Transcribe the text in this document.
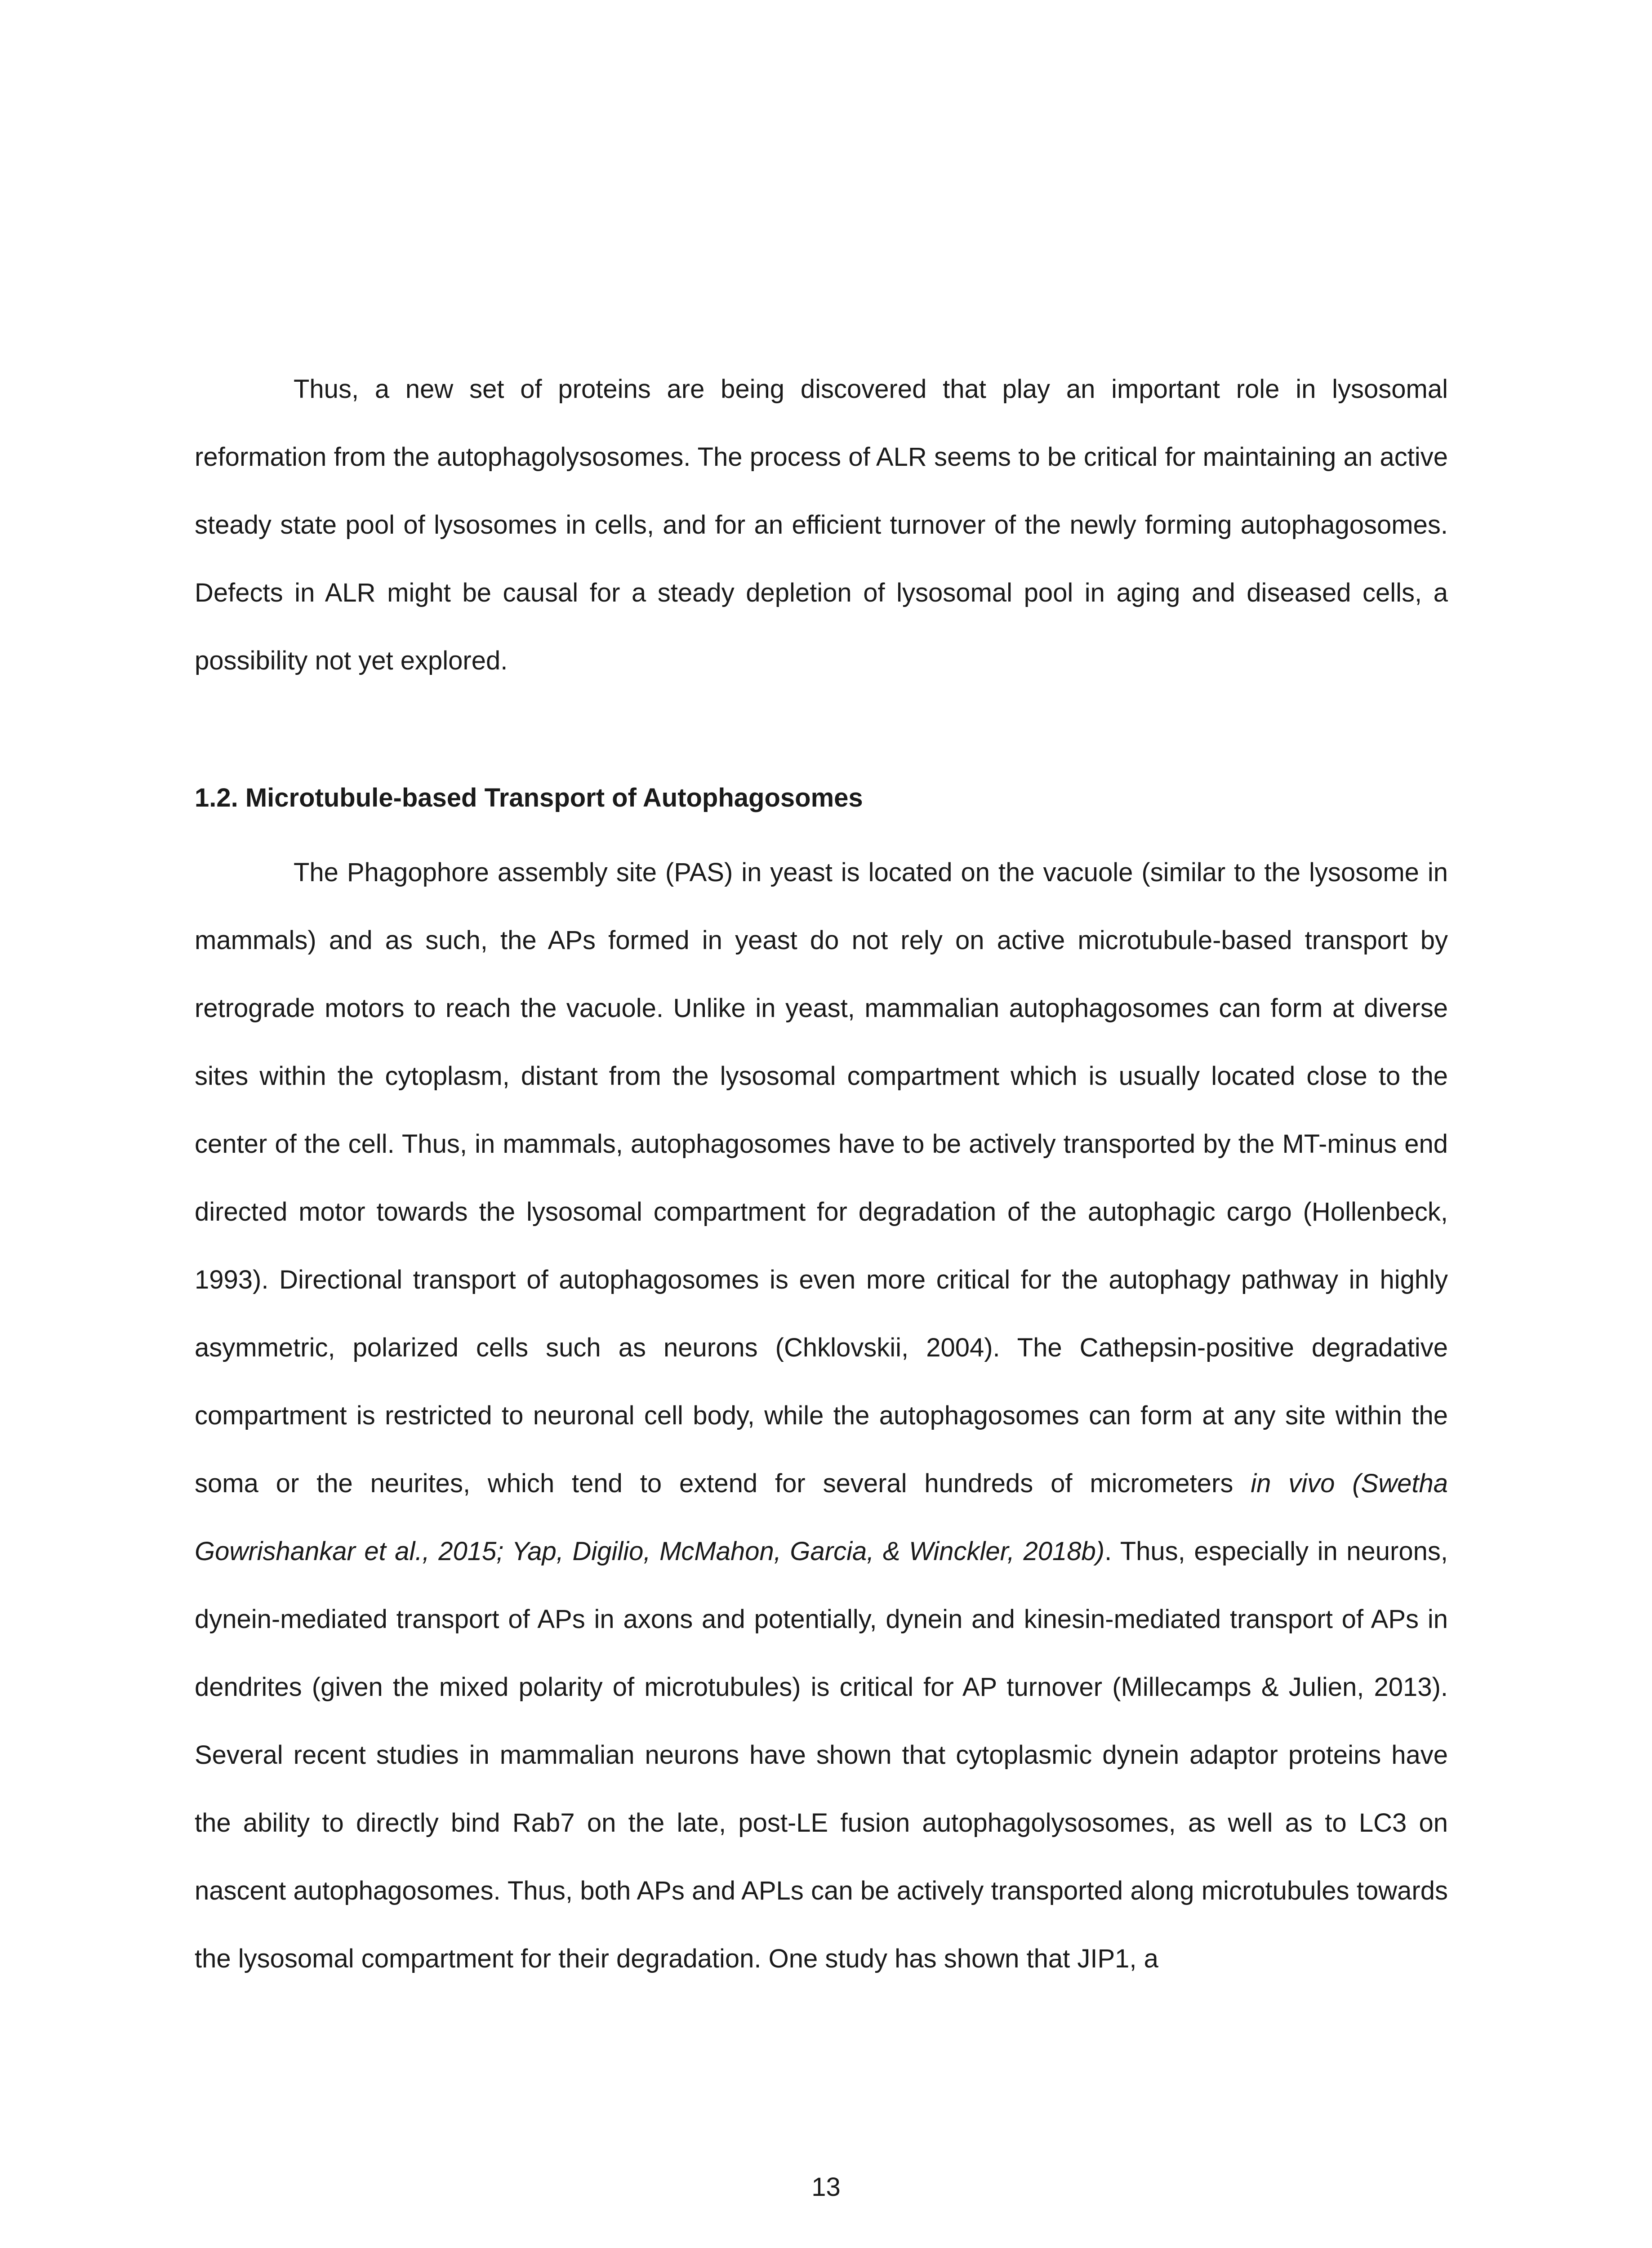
Thus, a new set of proteins are being discovered that play an important role in lysosomal reformation from the autophagolysosomes. The process of ALR seems to be critical for maintaining an active steady state pool of lysosomes in cells, and for an efficient turnover of the newly forming autophagosomes. Defects in ALR might be causal for a steady depletion of lysosomal pool in aging and diseased cells, a possibility not yet explored.

1.2. Microtubule-based Transport of Autophagosomes

The Phagophore assembly site (PAS) in yeast is located on the vacuole (similar to the lysosome in mammals) and as such, the APs formed in yeast do not rely on active microtubule-based transport by retrograde motors to reach the vacuole. Unlike in yeast, mammalian autophagosomes can form at diverse sites within the cytoplasm, distant from the lysosomal compartment which is usually located close to the center of the cell. Thus, in mammals, autophagosomes have to be actively transported by the MT-minus end directed motor towards the lysosomal compartment for degradation of the autophagic cargo (Hollenbeck, 1993). Directional transport of autophagosomes is even more critical for the autophagy pathway in highly asymmetric, polarized cells such as neurons (Chklovskii, 2004). The Cathepsin-positive degradative compartment is restricted to neuronal cell body, while the autophagosomes can form at any site within the soma or the neurites, which tend to extend for several hundreds of micrometers in vivo (Swetha Gowrishankar et al., 2015; Yap, Digilio, McMahon, Garcia, & Winckler, 2018b). Thus, especially in neurons, dynein-mediated transport of APs in axons and potentially, dynein and kinesin-mediated transport of APs in dendrites (given the mixed polarity of microtubules) is critical for AP turnover (Millecamps & Julien, 2013). Several recent studies in mammalian neurons have shown that cytoplasmic dynein adaptor proteins have the ability to directly bind Rab7 on the late, post-LE fusion autophagolysosomes, as well as to LC3 on nascent autophagosomes. Thus, both APs and APLs can be actively transported along microtubules towards the lysosomal compartment for their degradation. One study has shown that JIP1, a

13
